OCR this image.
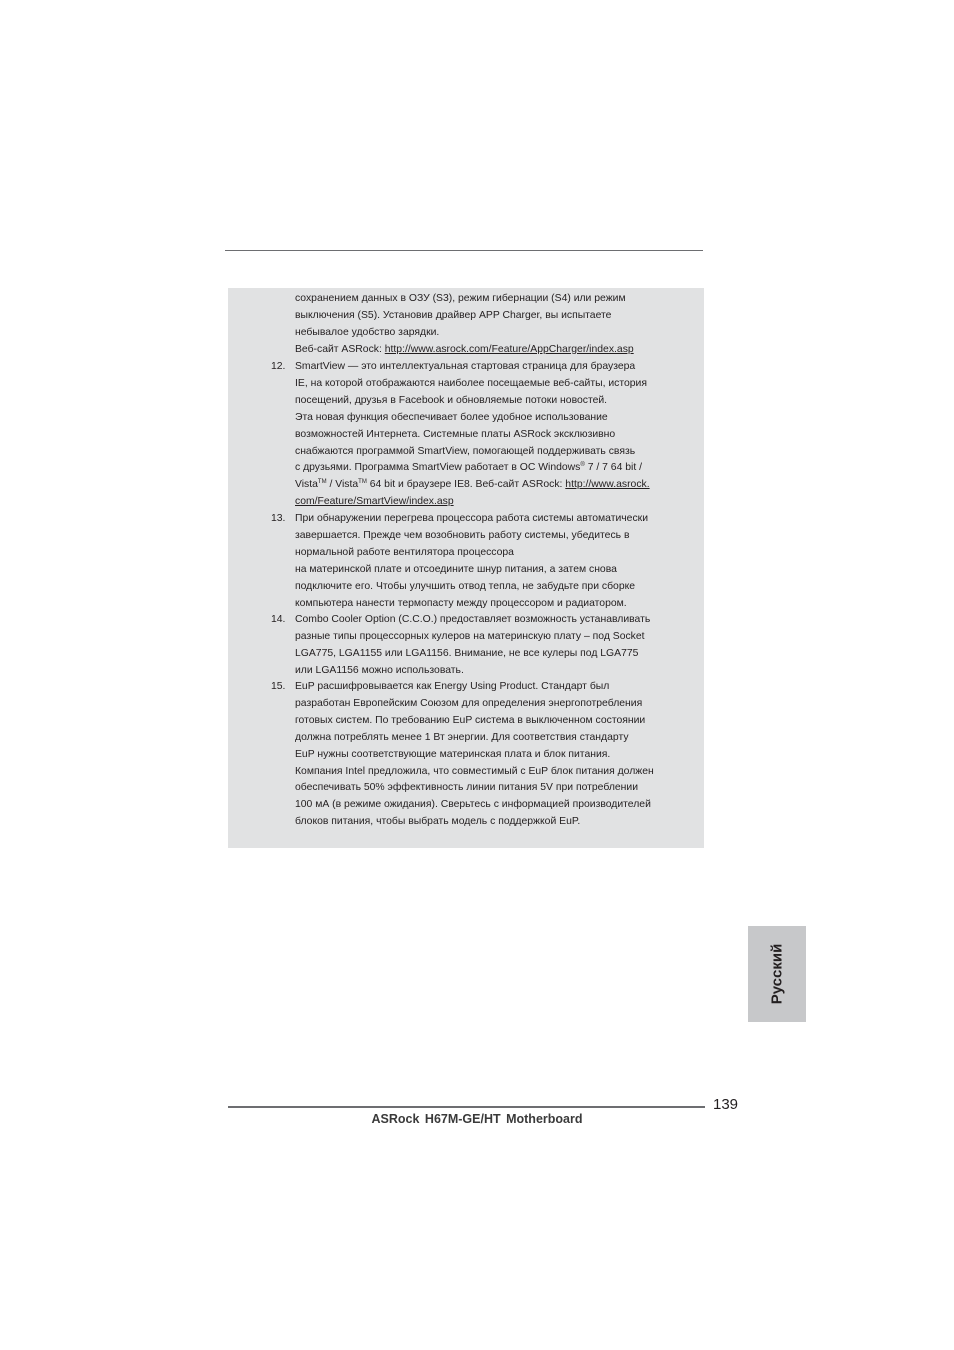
сохранением данных в ОЗУ (S3), режим гибернации (S4) или режим
выключения (S5). Установив драйвер APP Charger, вы испытаете
небывалое удобство зарядки.
Веб-сайт ASRock: http://www.asrock.com/Feature/AppCharger/index.asp
12. SmartView — это интеллектуальная стартовая страница для браузера
IE, на которой отображаются наиболее посещаемые веб-сайты, история
посещений, друзья в Facebook и обновляемые потоки новостей.
Эта новая функция обеспечивает более удобное использование
возможностей Интернета. Системные платы ASRock эксклюзивно
снабжаются программой SmartView, помогающей поддерживать связь
с друзьями. Программа SmartView работает в ОС Windows® 7 / 7 64 bit /
Vista™ / Vista™ 64 bit и браузере IE8. Веб-сайт ASRock: http://www.asrock.
com/Feature/SmartView/index.asp
13. При обнаружении перегрева процессора работа системы автоматически
завершается. Прежде чем возобновить работу системы, убедитесь в
нормальной работе вентилятора процессора
на материнской плате и отсоедините шнур питания, а затем снова
подключите его. Чтобы улучшить отвод тепла, не забудьте при сборке
компьютера нанести термопасту между процессором и радиатором.
14. Combo Cooler Option (C.C.O.) предоставляет возможность устанавливать
разные типы процессорных кулеров на материнскую плату – под Socket
LGA775, LGA1155 или LGA1156. Внимание, не все кулеры под LGA775
или LGA1156 можно использовать.
15. EuP расшифровывается как Energy Using Product. Стандарт был
разработан Европейским Союзом для определения энергопотребления
готовых систем. По требованию EuP система в выключенном состоянии
должна потреблять менее 1 Вт энергии. Для соответствия стандарту
EuP нужны соответствующие материнская плата и блок питания.
Компания Intel предложила, что совместимый с EuP блок питания должен
обеспечивать 50% эффективность линии питания 5V при потреблении
100 мА (в режиме ожидания). Сверьтесь с информацией производителей
блоков питания, чтобы выбрать модель с поддержкой EuP.
Русский
139
ASRock H67M-GE/HT Motherboard
